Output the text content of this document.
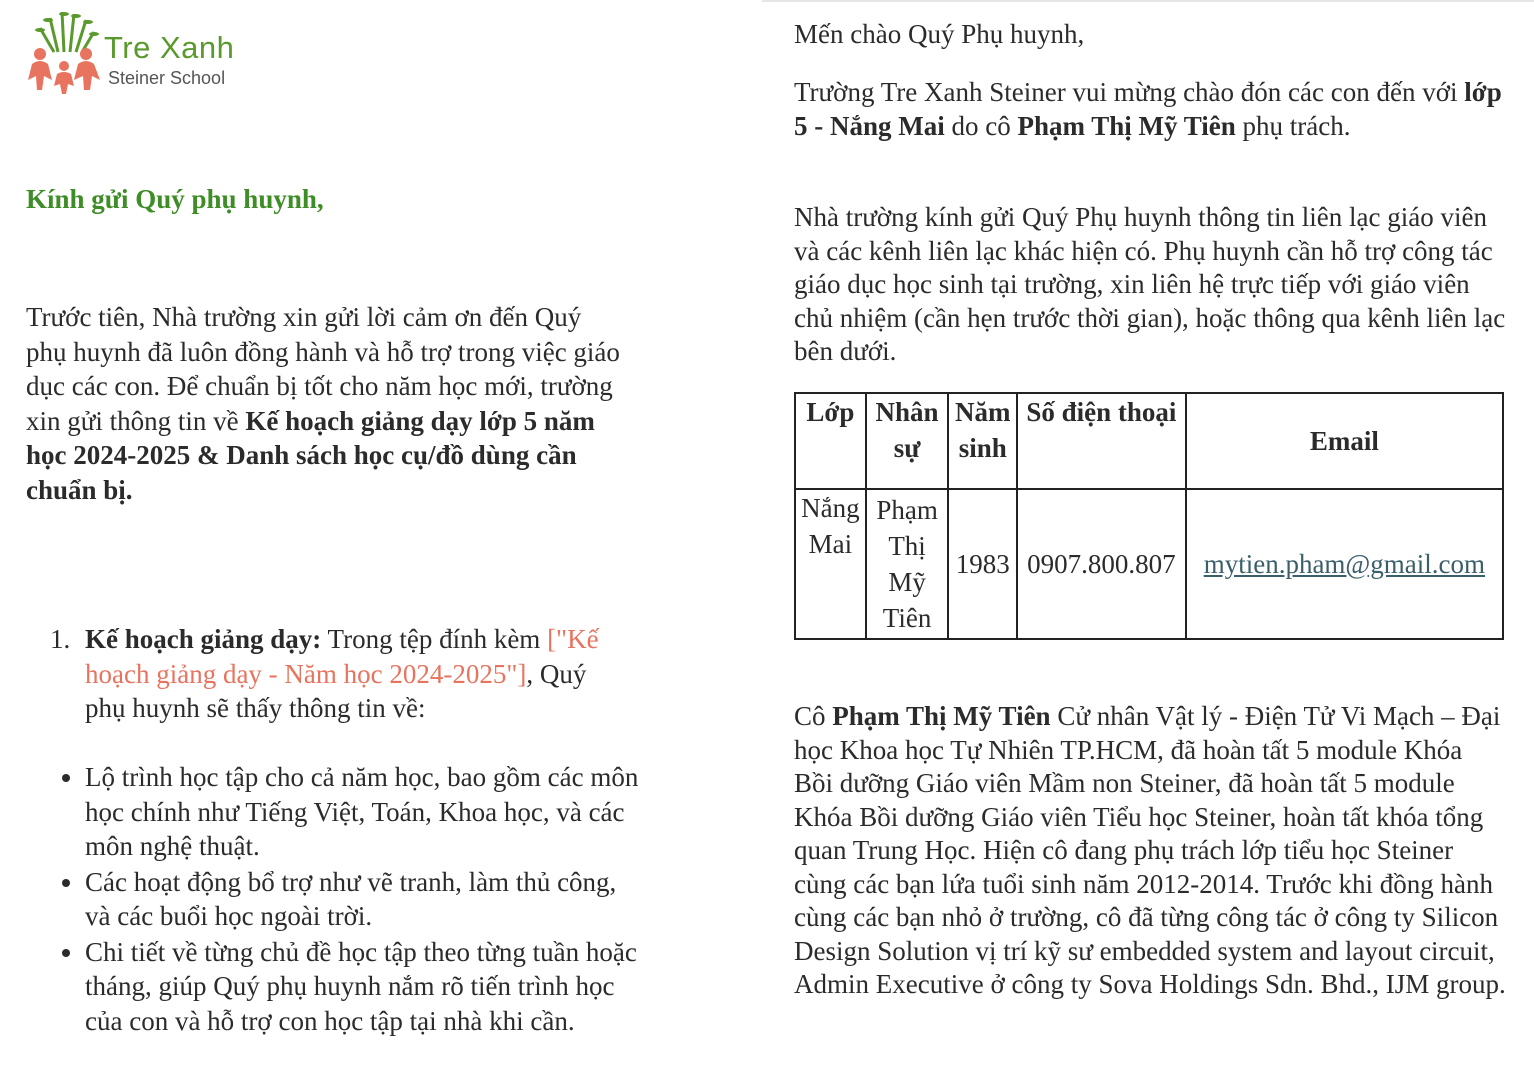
Tre Xanh
Steiner School
Kính gửi Quý phụ huynh,

Trước tiên, Nhà trường xin gửi lời cảm ơn đến Quý phụ huynh đã luôn đồng hành và hỗ trợ trong việc giáo dục các con. Để chuẩn bị tốt cho năm học mới, trường xin gửi thông tin về Kế hoạch giảng dạy lớp 5 năm học 2024-2025 & Danh sách học cụ/đồ dùng cần chuẩn bị.

1. Kế hoạch giảng dạy: Trong tệp đính kèm ["Kế hoạch giảng dạy - Năm học 2024-2025"], Quý phụ huynh sẽ thấy thông tin về:
• Lộ trình học tập cho cả năm học, bao gồm các môn học chính như Tiếng Việt, Toán, Khoa học, và các môn nghệ thuật.
• Các hoạt động bổ trợ như vẽ tranh, làm thủ công, và các buổi học ngoài trời.
• Chi tiết về từng chủ đề học tập theo từng tuần hoặc tháng, giúp Quý phụ huynh nắm rõ tiến trình học của con và hỗ trợ con học tập tại nhà khi cần.

Mến chào Quý Phụ huynh,

Trường Tre Xanh Steiner vui mừng chào đón các con đến với lớp 5 - Nắng Mai do cô Phạm Thị Mỹ Tiên phụ trách.

Nhà trường kính gửi Quý Phụ huynh thông tin liên lạc giáo viên và các kênh liên lạc khác hiện có. Phụ huynh cần hỗ trợ công tác giáo dục học sinh tại trường, xin liên hệ trực tiếp với giáo viên chủ nhiệm (cần hẹn trước thời gian), hoặc thông qua kênh liên lạc bên dưới.

Lớp	Nhân sự	Năm sinh	Số điện thoại	Email
Nắng Mai	Phạm Thị Mỹ Tiên	1983	0907.800.807	mytien.pham@gmail.com

Cô Phạm Thị Mỹ Tiên Cử nhân Vật lý - Điện Tử Vi Mạch – Đại học Khoa học Tự Nhiên TP.HCM, đã hoàn tất 5 module Khóa Bồi dưỡng Giáo viên Mầm non Steiner, đã hoàn tất 5 module Khóa Bồi dưỡng Giáo viên Tiểu học Steiner, hoàn tất khóa tổng quan Trung Học. Hiện cô đang phụ trách lớp tiểu học Steiner cùng các bạn lứa tuổi sinh năm 2012-2014. Trước khi đồng hành cùng các bạn nhỏ ở trường, cô đã từng công tác ở công ty Silicon Design Solution vị trí kỹ sư embedded system and layout circuit, Admin Executive ở công ty Sova Holdings Sdn. Bhd., IJM group.
